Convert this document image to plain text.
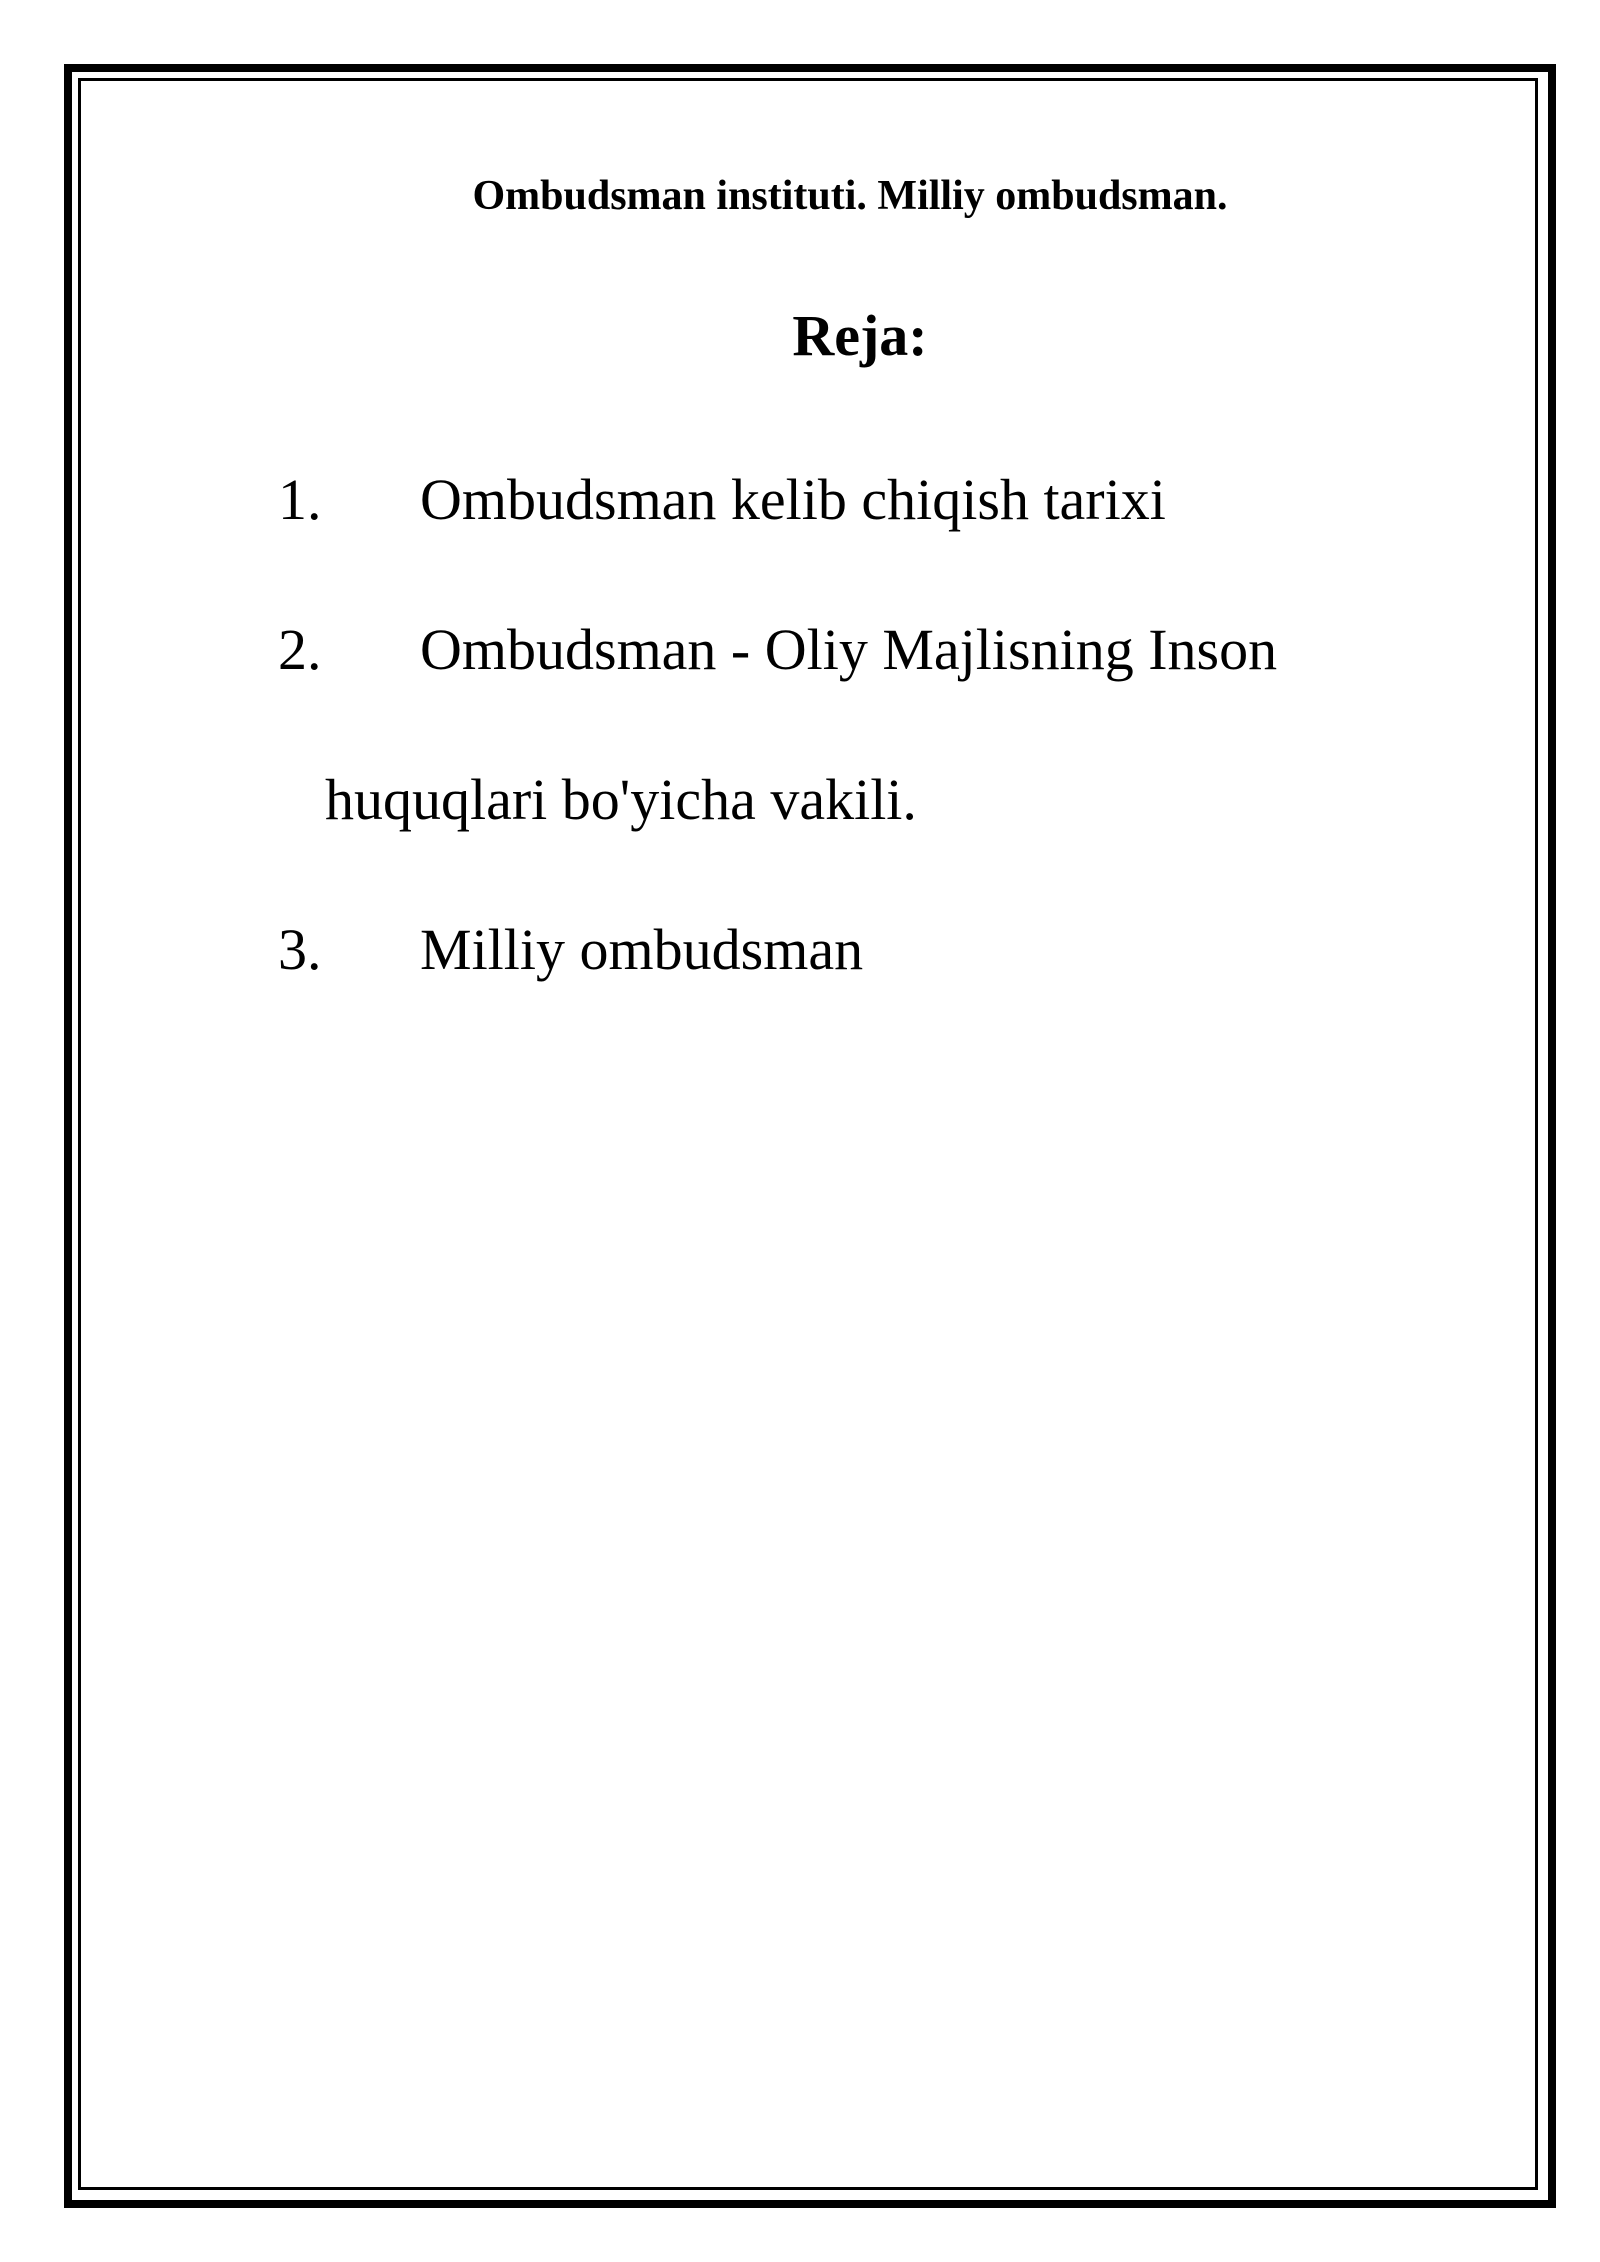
Ombudsman instituti. Milliy ombudsman.
Reja:
1. Ombudsman kelib chiqish tarixi
2. Ombudsman - Oliy Majlisning Inson
huquqlari bo'yicha vakili.
3. Milliy ombudsman
